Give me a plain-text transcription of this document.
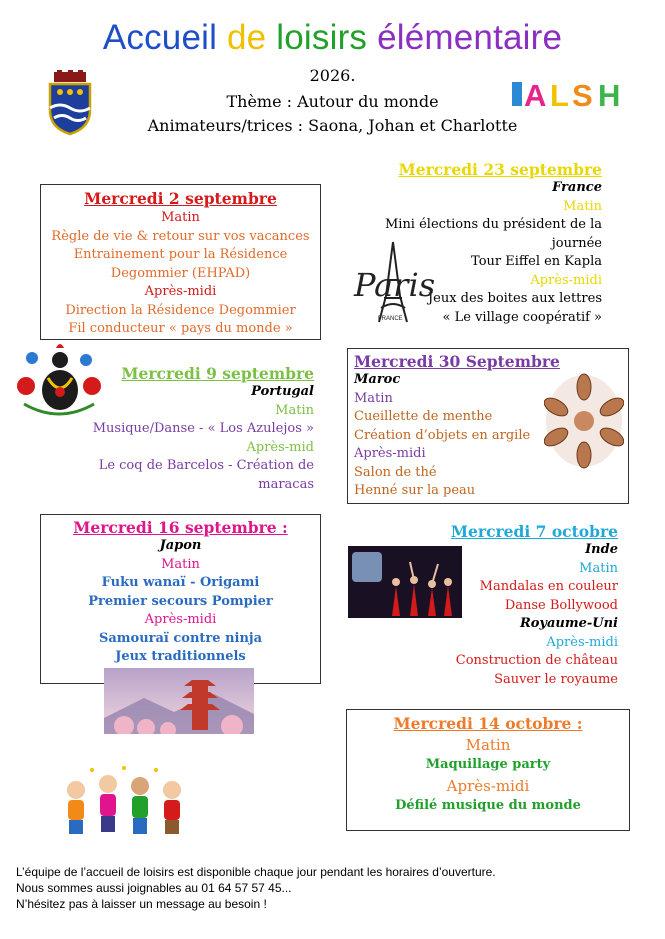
Accueil de loisirs élémentaire
2026.
Thème : Autour du monde
Animateurs/trices : Saona, Johan et Charlotte
A L S H
Mercredi 2 septembre
Matin
Règle de vie & retour sur vos vacances
Entrainement pour la Résidence
Degommier (EHPAD)
Après-midi
Direction la Résidence Degommier
Fil conducteur « pays du monde »
Mercredi 23 septembre
France
Matin
Mini élections du président de la
journée
Tour Eiffel en Kapla
Après-midi
Jeux des boites aux lettres
« Le village coopératif »
Paris
FRANCE
Mercredi 9 septembre
Portugal
Matin
Musique/Danse - « Los Azulejos »
Après-mid
Le coq de Barcelos - Création de
maracas
Mercredi 30 Septembre
Maroc
Matin
Cueillette de menthe
Création d’objets en argile
Après-midi
Salon de thé
Henné sur la peau
Mercredi 16 septembre :
Japon
Matin
Fuku wanaï - Origami
Premier secours Pompier
Après-midi
Samouraï contre ninja
Jeux traditionnels
Mercredi 7 octobre
Inde
Matin
Mandalas en couleur
Danse Bollywood
Royaume-Uni
Après-midi
Construction de château
Sauver le royaume
Mercredi 14 octobre :
Matin
Maquillage party
Après-midi
Défilé musique du monde
L’équipe de l’accueil de loisirs est disponible chaque jour pendant les horaires d’ouverture.
Nous sommes aussi joignables au 01 64 57 57 45...
N’hésitez pas à laisser un message au besoin !
